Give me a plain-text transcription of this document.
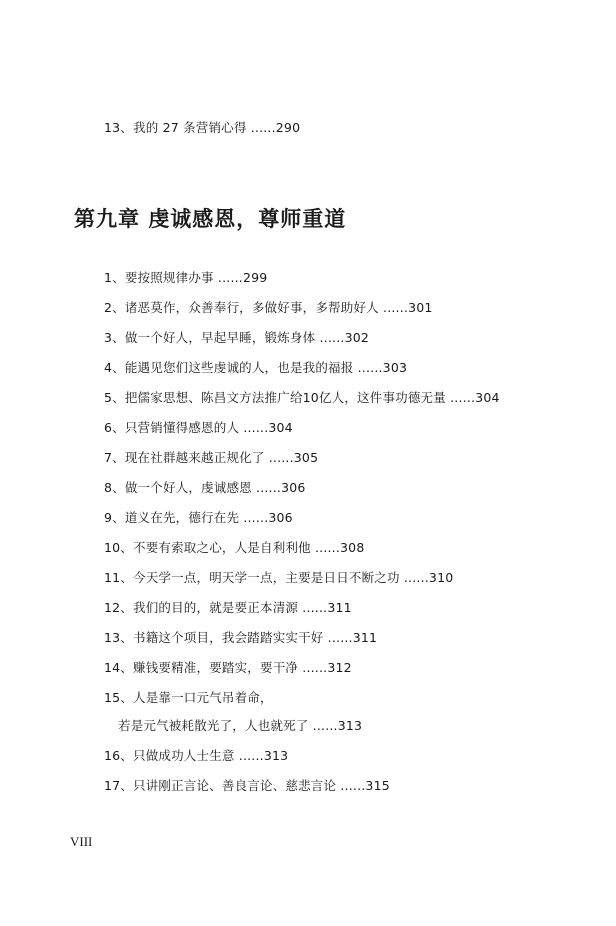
13、我的 27 条营销心得 ......290
第九章 虔诚感恩，尊师重道
1、要按照规律办事 ......299
2、诸恶莫作，众善奉行，多做好事，多帮助好人 ......301
3、做一个好人，早起早睡，锻炼身体 ......302
4、能遇见您们这些虔诚的人，也是我的福报 ......303
5、把儒家思想、陈昌文方法推广给10亿人，这件事功德无量 ......304
6、只营销懂得感恩的人 ......304
7、现在社群越来越正规化了 ......305
8、做一个好人，虔诚感恩 ......306
9、道义在先，德行在先 ......306
10、不要有索取之心，人是自利利他 ......308
11、今天学一点，明天学一点，主要是日日不断之功 ......310
12、我们的目的，就是要正本清源 ......311
13、书籍这个项目，我会踏踏实实干好 ......311
14、赚钱要精准，要踏实，要干净 ......312
15、人是靠一口元气吊着命，
若是元气被耗散光了，人也就死了 ......313
16、只做成功人士生意 ......313
17、只讲刚正言论、善良言论、慈悲言论 ......315
VIII
